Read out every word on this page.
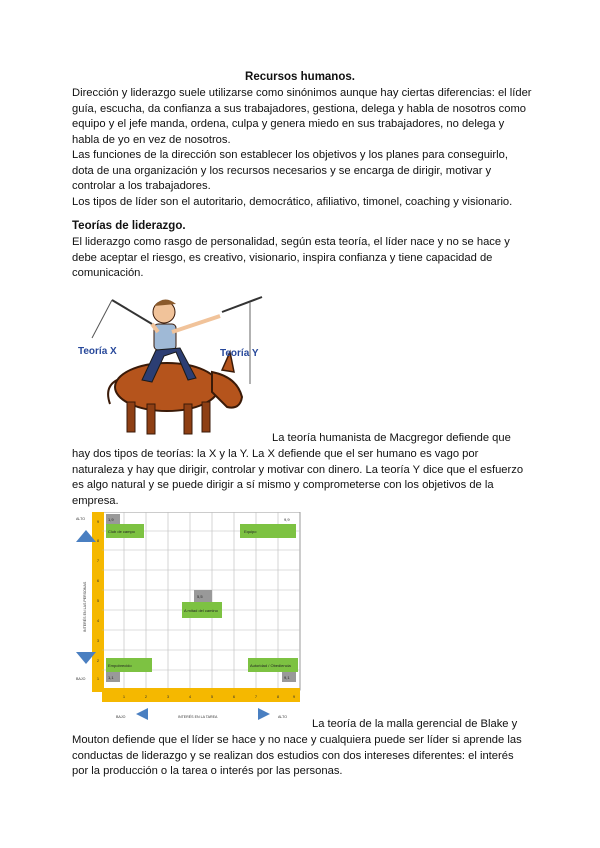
Recursos humanos.

Dirección y liderazgo suele utilizarse como sinónimos aunque hay ciertas diferencias: el líder guía, escucha, da confianza a sus trabajadores, gestiona, delega y habla de nosotros como equipo y el jefe manda, ordena, culpa y genera miedo en sus trabajadores, no delega y habla de yo en vez de nosotros.

Las funciones de la dirección son establecer los objetivos y los planes para conseguirlo, dota de una organización y los recursos necesarios y se encarga de dirigir, motivar y controlar a los trabajadores.

Los tipos de líder son el autoritario, democrático, afiliativo, timonel, coaching y visionario.

Teorías de liderazgo.

El liderazgo como rasgo de personalidad, según esta teoría, el líder nace y no se hace y debe aceptar el riesgo, es creativo, visionario, inspira confianza y tiene capacidad de comunicación.

Teoría X	Teoría Y
La teoría humanista de Macgregor defiende que

hay dos tipos de teorías: la X y la Y. La X defiende que el ser humano es vago por naturaleza y hay que dirigir, controlar y motivar con dinero. La teoría Y dice que el esfuerzo es algo natural y se puede dirigir a sí mismo y comprometerse con los objetivos de la empresa.

9
8
7
6
5
4
3
2
1
1	2	3	4	5	6	7	8	9
1,9
Club de campo
9,9
Equipo
5,5
A mitad del camino
Empobrecido
1,1
Autoridad / Obediencia
9,1
ALTO
BAJO
INTERÉS EN LAS PERSONAS
BAJO	INTERÉS EN LA TAREA	ALTO
La teoría de la malla gerencial de Blake y

Mouton defiende que el líder se hace y no nace y cualquiera puede ser líder si aprende las conductas de liderazgo y se realizan dos estudios con dos intereses diferentes: el interés por la producción o la tarea o interés por las personas.
